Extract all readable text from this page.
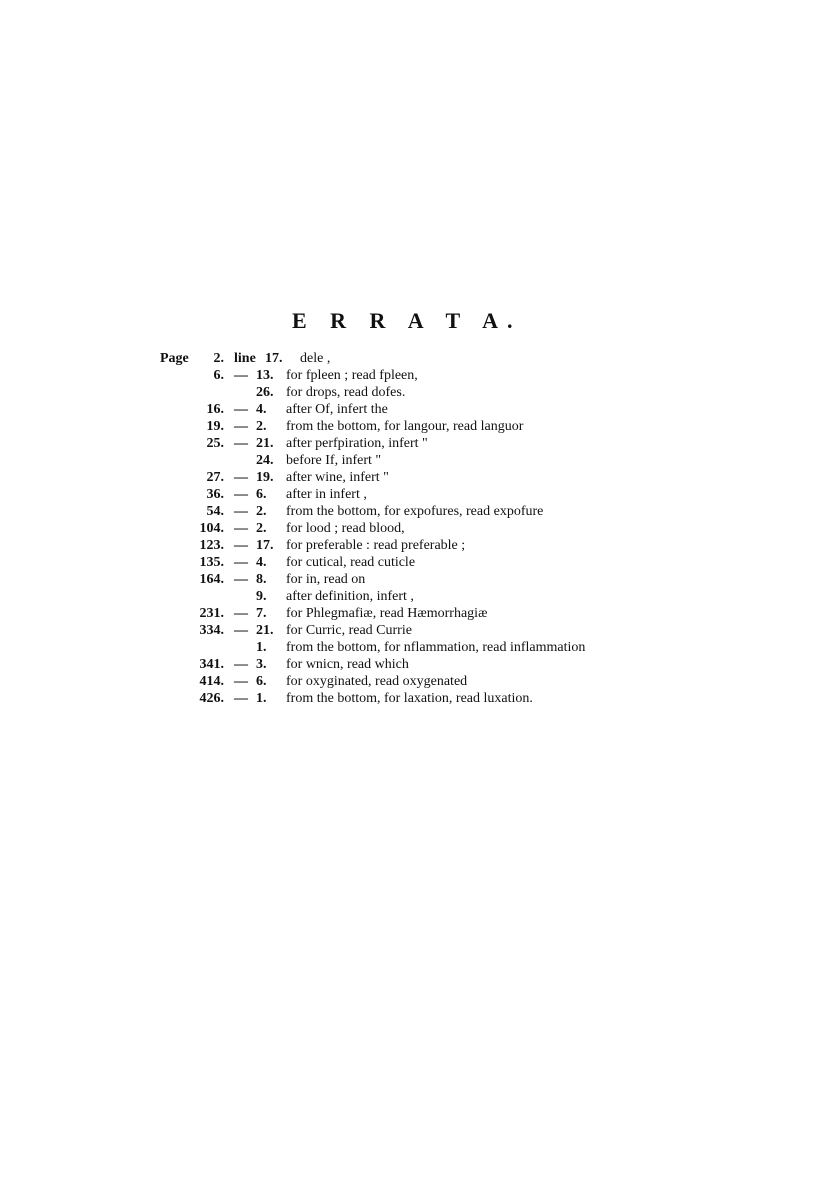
E R R A T A.
Page	2. line 17. dele ,
6. — 13. for fpleen ; read fpleen,
26. for drops, read dofes.
16. — 4. after Of, infert the
19. — 2. from the bottom, for langour, read languor
25. — 21. after perfpiration, infert "
24. before If, infert "
27. — 19. after wine, infert "
36. — 6. after in infert ,
54. — 2. from the bottom, for expofures, read expofure
104. — 2. for lood ; read blood,
123. — 17. for preferable : read preferable ;
135. — 4. for cutical, read cuticle
164. — 8. for in, read on
9. after definition, infert ,
231. — 7. for Phlegmafiæ, read Hæmorrhagiæ
334. — 21. for Curric, read Currie
1. from the bottom, for nflammation, read inflammation
341. — 3. for wnicn, read which
414. — 6. for oxyginated, read oxygenated
426. — 1. from the bottom, for laxation, read luxation.
